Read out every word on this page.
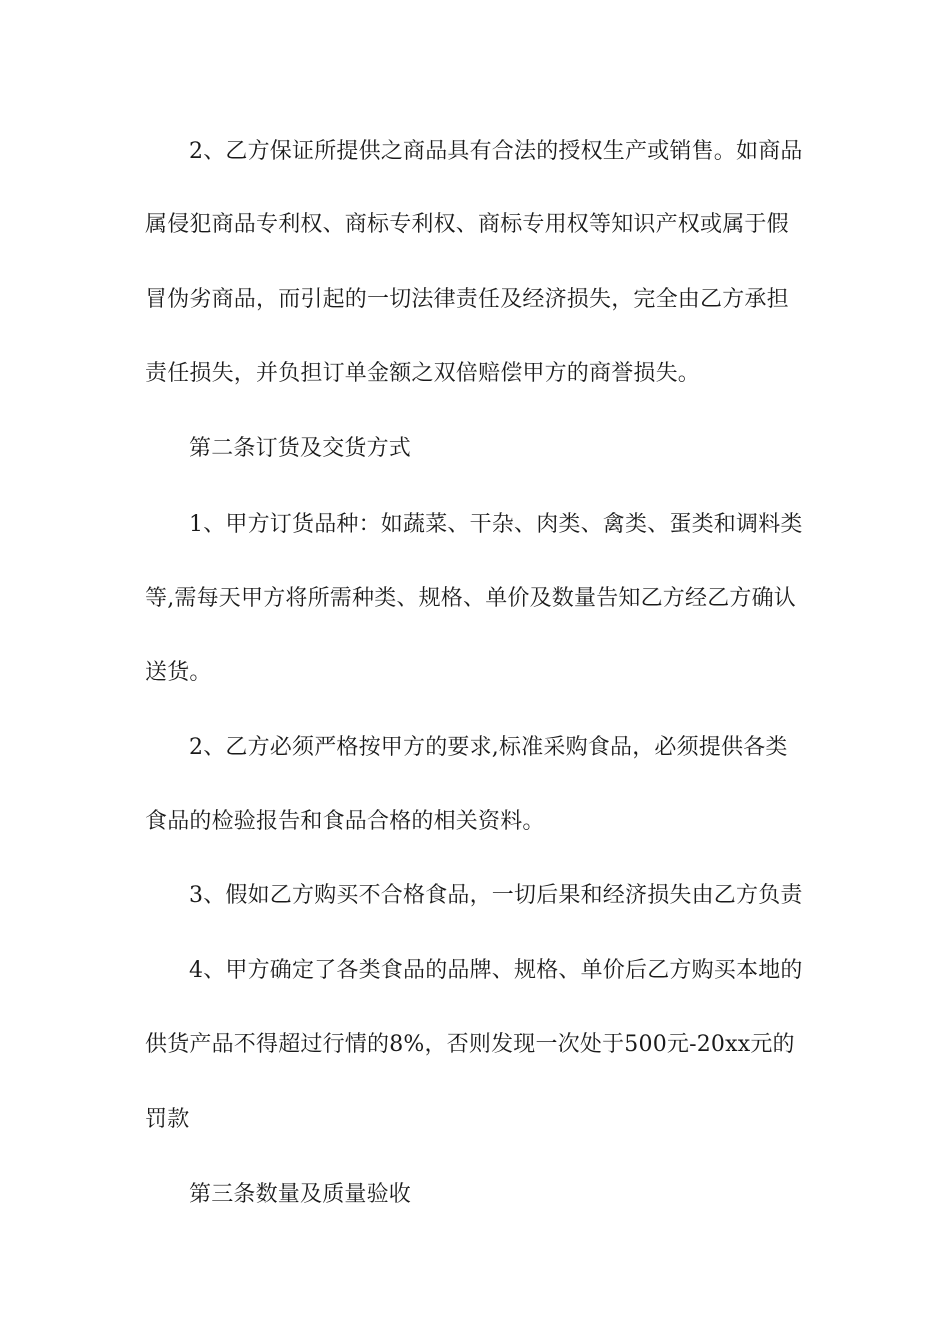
2、乙方保证所提供之商品具有合法的授权生产或销售。如商品
属侵犯商品专利权、商标专利权、商标专用权等知识产权或属于假
冒伪劣商品，而引起的一切法律责任及经济损失，完全由乙方承担
责任损失，并负担订单金额之双倍赔偿甲方的商誉损失。
第二条订货及交货方式
1、甲方订货品种：如蔬菜、干杂、肉类、禽类、蛋类和调料类
等,需每天甲方将所需种类、规格、单价及数量告知乙方经乙方确认
送货。
2、乙方必须严格按甲方的要求,标准采购食品，必须提供各类
食品的检验报告和食品合格的相关资料。
3、假如乙方购买不合格食品，一切后果和经济损失由乙方负责
4、甲方确定了各类食品的品牌、规格、单价后乙方购买本地的
供货产品不得超过行情的8%，否则发现一次处于500元-20xx元的
罚款
第三条数量及质量验收
